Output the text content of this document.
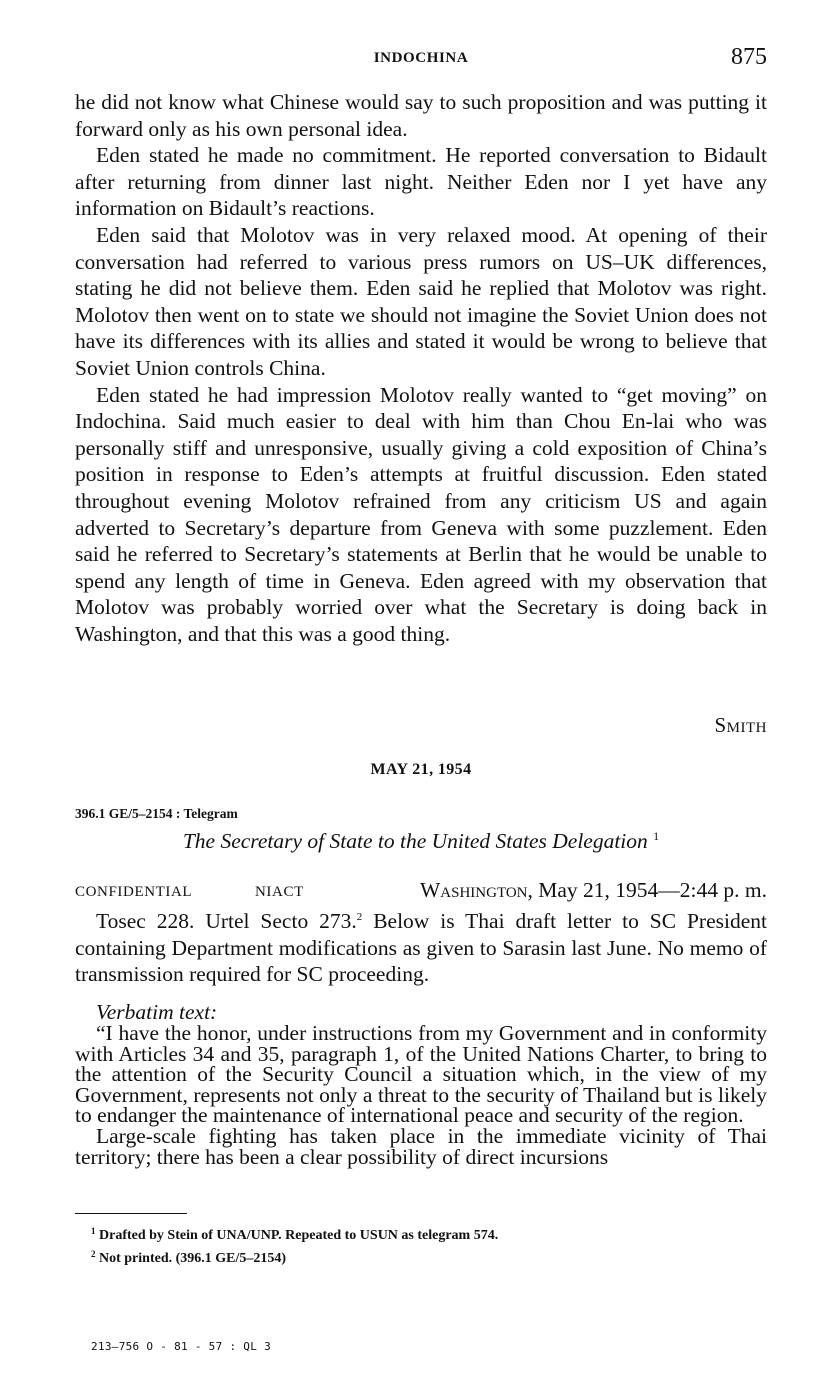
INDOCHINA	875

he did not know what Chinese would say to such proposition and was putting it forward only as his own personal idea.

Eden stated he made no commitment. He reported conversation to Bidault after returning from dinner last night. Neither Eden nor I yet have any information on Bidault’s reactions.

Eden said that Molotov was in very relaxed mood. At opening of their conversation had referred to various press rumors on US–UK differences, stating he did not believe them. Eden said he replied that Molotov was right. Molotov then went on to state we should not imagine the Soviet Union does not have its differences with its allies and stated it would be wrong to believe that Soviet Union controls China.

Eden stated he had impression Molotov really wanted to “get moving” on Indochina. Said much easier to deal with him than Chou En-lai who was personally stiff and unresponsive, usually giving a cold exposition of China’s position in response to Eden’s attempts at fruitful discussion. Eden stated throughout evening Molotov refrained from any criticism US and again adverted to Secretary’s departure from Geneva with some puzzlement. Eden said he referred to Secretary’s statements at Berlin that he would be unable to spend any length of time in Geneva. Eden agreed with my observation that Molotov was probably worried over what the Secretary is doing back in Washington, and that this was a good thing.

Smith
MAY 21, 1954
396.1 GE/5–2154 : Telegram
The Secretary of State to the United States Delegation $^1$
CONFIDENTIAL	NIACT	Washington, May 21, 1954—2:44 p. m.

Tosec 228. Urtel Secto 273.$^2$ Below is Thai draft letter to SC President containing Department modifications as given to Sarasin last June. No memo of transmission required for SC proceeding.

Verbatim text:

“I have the honor, under instructions from my Government and in conformity with Articles 34 and 35, paragraph 1, of the United Nations Charter, to bring to the attention of the Security Council a situation which, in the view of my Government, represents not only a threat to the security of Thailand but is likely to endanger the maintenance of international peace and security of the region.

Large-scale fighting has taken place in the immediate vicinity of Thai territory; there has been a clear possibility of direct incursions

$^1$ Drafted by Stein of UNA/UNP. Repeated to USUN as telegram 574.
$^2$ Not printed. (396.1 GE/5–2154)
213–756 O - 81 - 57 : QL 3
